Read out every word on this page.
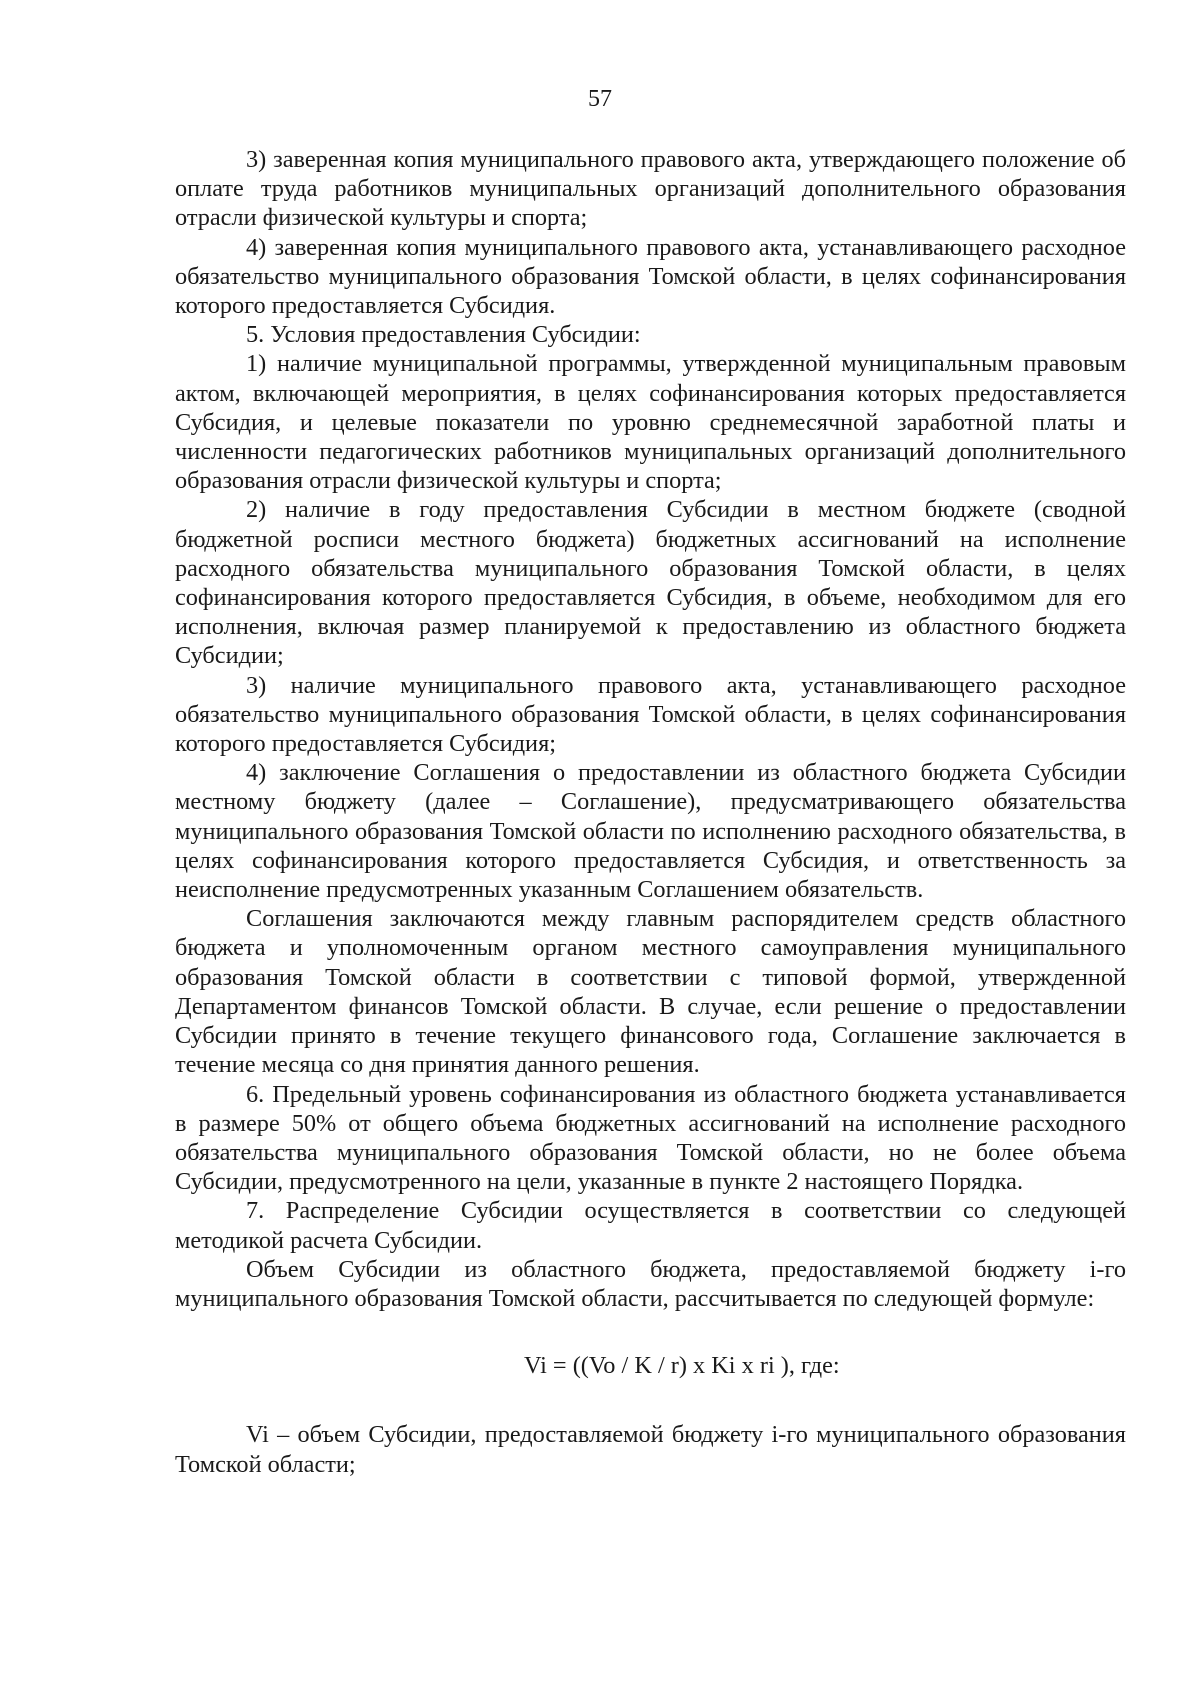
57

3) заверенная копия муниципального правового акта, утверждающего положение об оплате труда работников муниципальных организаций дополнительного образования отрасли физической культуры и спорта;

4) заверенная копия муниципального правового акта, устанавливающего расходное обязательство муниципального образования Томской области, в целях софинансирования которого предоставляется Субсидия.

5. Условия предоставления Субсидии:

1) наличие муниципальной программы, утвержденной муниципальным правовым актом, включающей мероприятия, в целях софинансирования которых предоставляется Субсидия, и целевые показатели по уровню среднемесячной заработной платы и численности педагогических работников муниципальных организаций дополнительного образования отрасли физической культуры и спорта;

2) наличие в году предоставления Субсидии в местном бюджете (сводной бюджетной росписи местного бюджета) бюджетных ассигнований на исполнение расходного обязательства муниципального образования Томской области, в целях софинансирования которого предоставляется Субсидия, в объеме, необходимом для его исполнения, включая размер планируемой к предоставлению из областного бюджета Субсидии;

3) наличие муниципального правового акта, устанавливающего расходное обязательство муниципального образования Томской области, в целях софинансирования которого предоставляется Субсидия;

4) заключение Соглашения о предоставлении из областного бюджета Субсидии местному бюджету (далее – Соглашение), предусматривающего обязательства муниципального образования Томской области по исполнению расходного обязательства, в целях софинансирования которого предоставляется Субсидия, и ответственность за неисполнение предусмотренных указанным Соглашением обязательств.

Соглашения заключаются между главным распорядителем средств областного бюджета и уполномоченным органом местного самоуправления муниципального образования Томской области в соответствии с типовой формой, утвержденной Департаментом финансов Томской области. В случае, если решение о предоставлении Субсидии принято в течение текущего финансового года, Соглашение заключается в течение месяца со дня принятия данного решения.

6. Предельный уровень софинансирования из областного бюджета устанавливается в размере 50% от общего объема бюджетных ассигнований на исполнение расходного обязательства муниципального образования Томской области, но не более объема Субсидии, предусмотренного на цели, указанные в пункте 2 настоящего Порядка.

7. Распределение Субсидии осуществляется в соответствии со следующей методикой расчета Субсидии.

Объем Субсидии из областного бюджета, предоставляемой бюджету i-го муниципального образования Томской области, рассчитывается по следующей формуле:

Vi = ((Vo / K / r) x Ki x ri ), где:

Vi – объем Субсидии, предоставляемой бюджету i-го муниципального образования Томской области;
